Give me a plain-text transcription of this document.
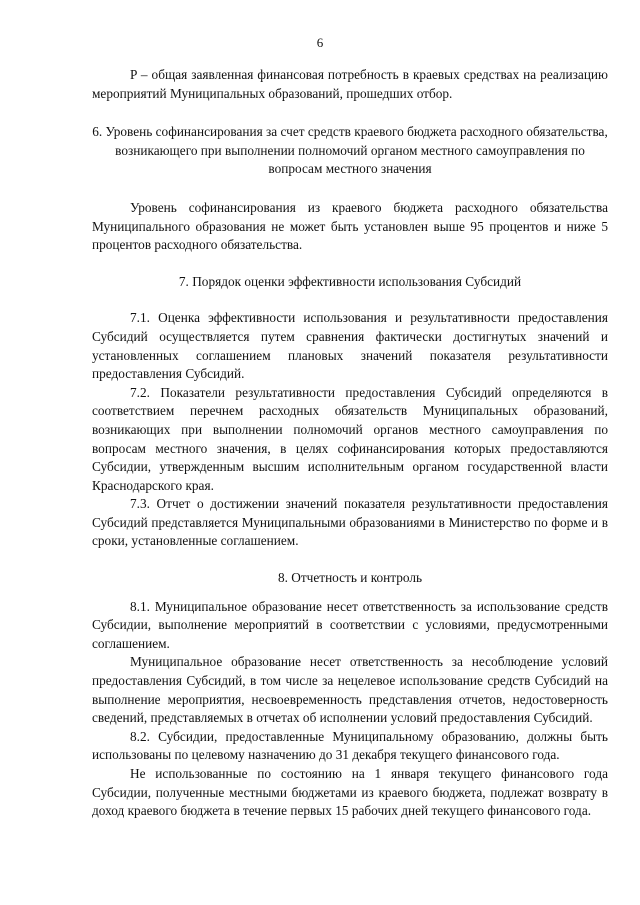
6

P – общая заявленная финансовая потребность в краевых средствах на реализацию мероприятий Муниципальных образований, прошедших отбор.

6. Уровень софинансирования за счет средств краевого бюджета расходного обязательства, возникающего при выполнении полномочий органом местного самоуправления по вопросам местного значения

Уровень софинансирования из краевого бюджета расходного обязательства Муниципального образования не может быть установлен выше 95 процентов и ниже 5 процентов расходного обязательства.

7. Порядок оценки эффективности использования Субсидий

7.1. Оценка эффективности использования и результативности предоставления Субсидий осуществляется путем сравнения фактически достигнутых значений и установленных соглашением плановых значений показателя результативности предоставления Субсидий.

7.2. Показатели результативности предоставления Субсидий определяются в соответствием перечнем расходных обязательств Муниципальных образований, возникающих при выполнении полномочий органов местного самоуправления по вопросам местного значения, в целях софинансирования которых предоставляются Субсидии, утвержденным высшим исполнительным органом государственной власти Краснодарского края.

7.3. Отчет о достижении значений показателя результативности предоставления Субсидий представляется Муниципальными образованиями в Министерство по форме и в сроки, установленные соглашением.

8. Отчетность и контроль

8.1. Муниципальное образование несет ответственность за использование средств Субсидии, выполнение мероприятий в соответствии с условиями, предусмотренными соглашением.

Муниципальное образование несет ответственность за несоблюдение условий предоставления Субсидий, в том числе за нецелевое использование средств Субсидий на выполнение мероприятия, несвоевременность представления отчетов, недостоверность сведений, представляемых в отчетах об исполнении условий предоставления Субсидий.

8.2. Субсидии, предоставленные Муниципальному образованию, должны быть использованы по целевому назначению до 31 декабря текущего финансового года.

Не использованные по состоянию на 1 января текущего финансового года Субсидии, полученные местными бюджетами из краевого бюджета, подлежат возврату в доход краевого бюджета в течение первых 15 рабочих дней текущего финансового года.
